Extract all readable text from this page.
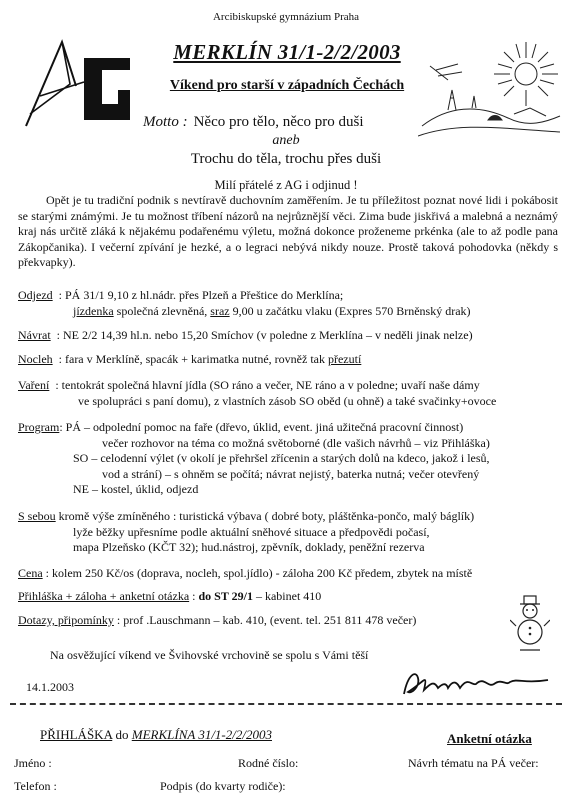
Arcibiskupské gymnázium Praha
MERKLÍN 31/1-2/2/2003
Víkend pro starší v západních Čechách
Motto : Něco pro tělo, něco pro duši
aneb
Trochu do těla, trochu přes duši
Milí přátelé z AG i odjinud !
Opět je tu tradiční podnik s nevtíravě duchovním zaměřením. Je tu příležitost poznat nové lidi i pokábosit se starými známými. Je tu možnost tříbení názorů na nejrůznější věci. Zima bude jiskřivá a malebná a neznámý kraj nás určitě zláká k nějakému podařenému výletu, možná dokonce proženeme prkénka (ale to až podle pana Zákopčanika). I večerní zpívání je hezké, a o legraci nebývá nikdy nouze. Prostě taková pohodovka (někdy s překvapky).
Odjezd : PÁ 31/1 9,10 z hl.nádr. přes Plzeň a Přeštice do Merklína;
jízdenka společná zlevněná, sraz 9,00 u začátku vlaku (Expres 570 Brněnský drak)
Návrat : NE 2/2 14,39 hl.n. nebo 15,20 Smíchov (v poledne z Merklína – v neděli jinak nelze)
Nocleh : fara v Merklíně, spacák + karimatka nutné, rovněž tak přezutí
Vaření : tentokrát společná hlavní jídla (SO ráno a večer, NE ráno a v poledne; uvaří naše dámy
ve spolupráci s paní domu), z vlastních zásob SO oběd (u ohně) a také svačinky+ovoce
Program: PÁ – odpolední pomoc na faře (dřevo, úklid, event. jiná užitečná pracovní činnost)
večer rozhovor na téma co možná světoborné (dle vašich návrhů – viz Přihláška)
SO – celodenní výlet (v okolí je přehršel zřícenin a starých dolů na kdeco, jakož i lesů,
vod a strání) – s ohněm se počítá; návrat nejistý, baterka nutná; večer otevřený
NE – kostel, úklid, odjezd
S sebou kromě výše zmíněného : turistická výbava ( dobré boty, pláštěnka-pončo, malý báglík)
lyže běžky upřesníme podle aktuální sněhové situace a předpovědi počasí,
mapa Plzeňsko (KČT 32); hud.nástroj, zpěvník, doklady, peněžní rezerva
Cena : kolem 250 Kč/os (doprava, nocleh, spol.jídlo) - záloha 200 Kč předem, zbytek na místě
Přihláška + záloha + anketní otázka : do ST 29/1 – kabinet 410
Dotazy, připomínky : prof .Lauschmann – kab. 410, (event. tel. 251 811 478 večer)
Na osvěžující víkend ve Švihovské vrchovině se spolu s Vámi těší
14.1.2003
PŘIHLÁŠKA do MERKLÍNA 31/1-2/2/2003	Anketní otázka
Jméno :	Rodné číslo:	Návrh tématu na PÁ večer:
Telefon :	Podpis (do kvarty rodiče):
